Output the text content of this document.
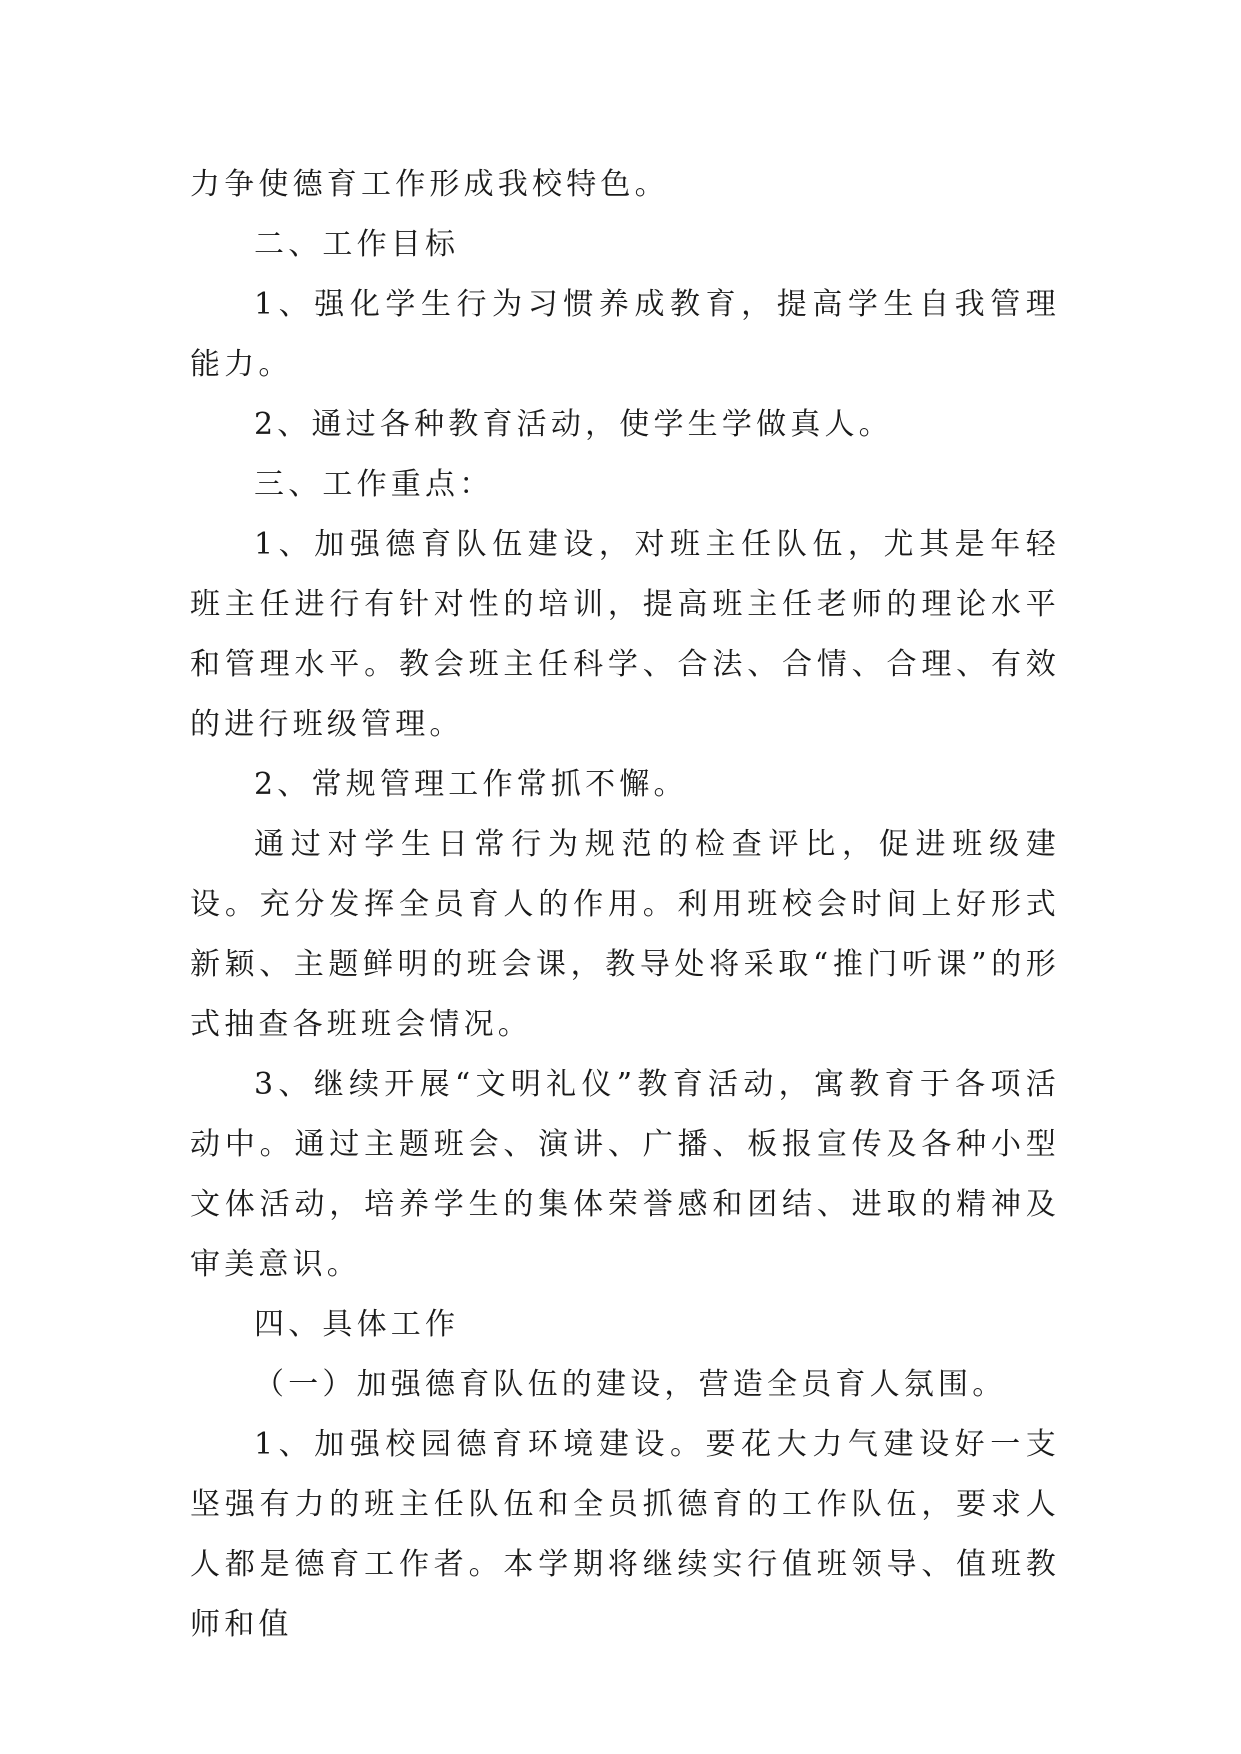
力争使德育工作形成我校特色。

二、工作目标

1、强化学生行为习惯养成教育，提高学生自我管理能力。

2、通过各种教育活动，使学生学做真人。

三、工作重点：

1、加强德育队伍建设，对班主任队伍，尤其是年轻班主任进行有针对性的培训，提高班主任老师的理论水平和管理水平。教会班主任科学、合法、合情、合理、有效的进行班级管理。

2、常规管理工作常抓不懈。

通过对学生日常行为规范的检查评比，促进班级建设。充分发挥全员育人的作用。利用班校会时间上好形式新颖、主题鲜明的班会课，教导处将采取“推门听课”的形式抽查各班班会情况。

3、继续开展“文明礼仪”教育活动，寓教育于各项活动中。通过主题班会、演讲、广播、板报宣传及各种小型文体活动，培养学生的集体荣誉感和团结、进取的精神及审美意识。

四、具体工作

（一）加强德育队伍的建设，营造全员育人氛围。

1、加强校园德育环境建设。要花大力气建设好一支坚强有力的班主任队伍和全员抓德育的工作队伍，要求人人都是德育工作者。本学期将继续实行值班领导、值班教师和值
